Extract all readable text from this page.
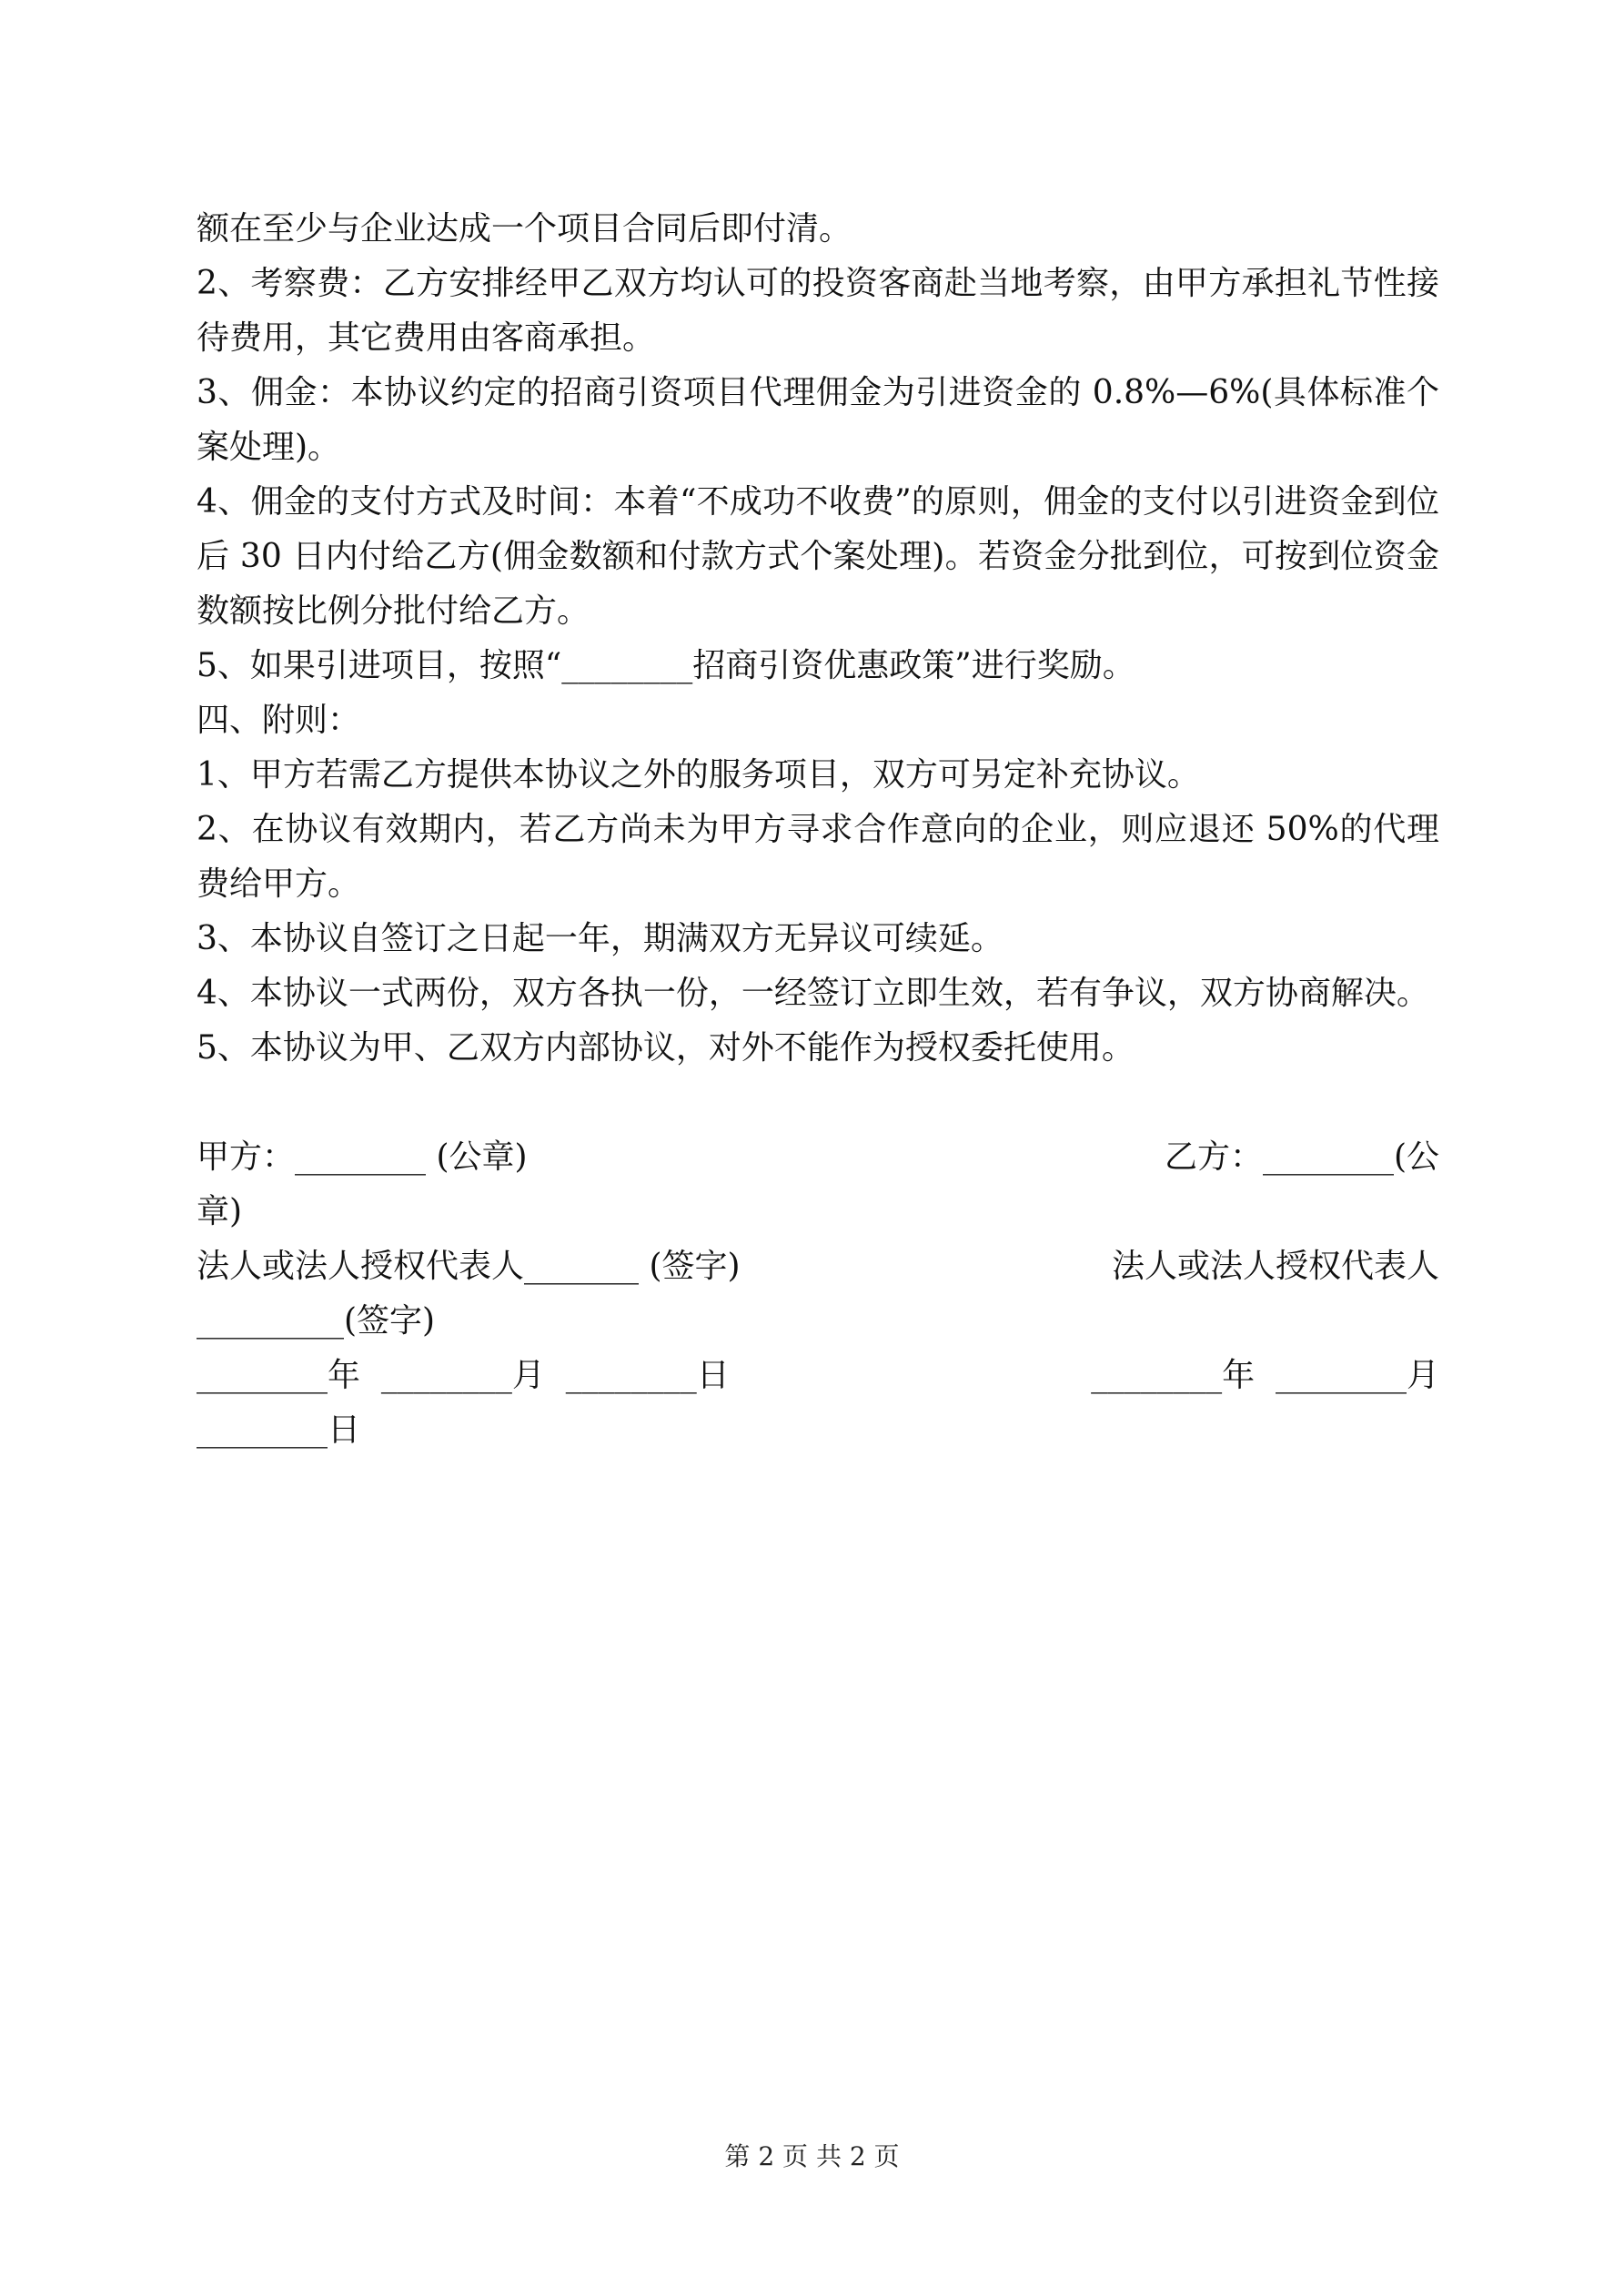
额在至少与企业达成一个项目合同后即付清。

2、考察费：乙方安排经甲乙双方均认可的投资客商赴当地考察，由甲方承担礼节性接待费用，其它费用由客商承担。

3、佣金：本协议约定的招商引资项目代理佣金为引进资金的 0.8%—6%(具体标准个案处理)。

4、佣金的支付方式及时间：本着“不成功不收费”的原则，佣金的支付以引进资金到位后 30 日内付给乙方(佣金数额和付款方式个案处理)。若资金分批到位，可按到位资金数额按比例分批付给乙方。

5、如果引进项目，按照“________招商引资优惠政策”进行奖励。

四、附则：

1、甲方若需乙方提供本协议之外的服务项目，双方可另定补充协议。

2、在协议有效期内，若乙方尚未为甲方寻求合作意向的企业，则应退还 50%的代理费给甲方。

3、本协议自签订之日起一年，期满双方无异议可续延。

4、本协议一式两份，双方各执一份，一经签订立即生效，若有争议，双方协商解决。

5、本协议为甲、乙双方内部协议，对外不能作为授权委托使用。

甲方：________ (公章)	乙方：________(公

章)

法人或法人授权代表人_______ (签字)	法人或法人授权代表人

_________(签字)

________年  ________月  ________日	________年  ________月

________日

第 2 页 共 2 页
